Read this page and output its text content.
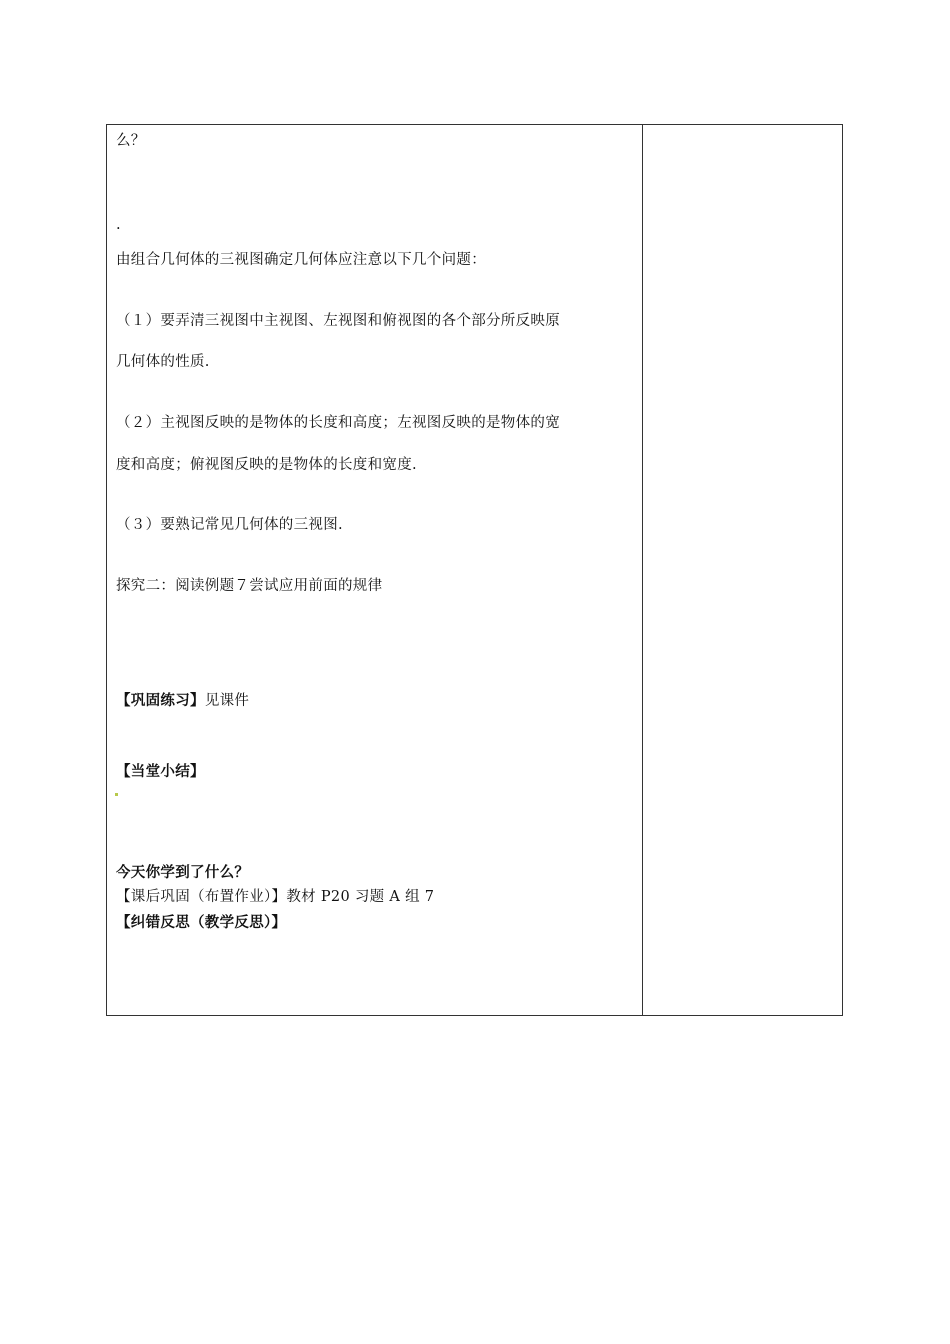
么？
.
由组合几何体的三视图确定几何体应注意以下几个问题：
（１）要弄清三视图中主视图、左视图和俯视图的各个部分所反映原
几何体的性质.
（２）主视图反映的是物体的长度和高度；左视图反映的是物体的宽
度和高度；俯视图反映的是物体的长度和宽度.
（３）要熟记常见几何体的三视图.
探究二：阅读例题７尝试应用前面的规律
【巩固练习】见课件
【当堂小结】
今天你学到了什么？
【课后巩固（布置作业）】教材 P20 习题 A 组 7
【纠错反思（教学反思）】
